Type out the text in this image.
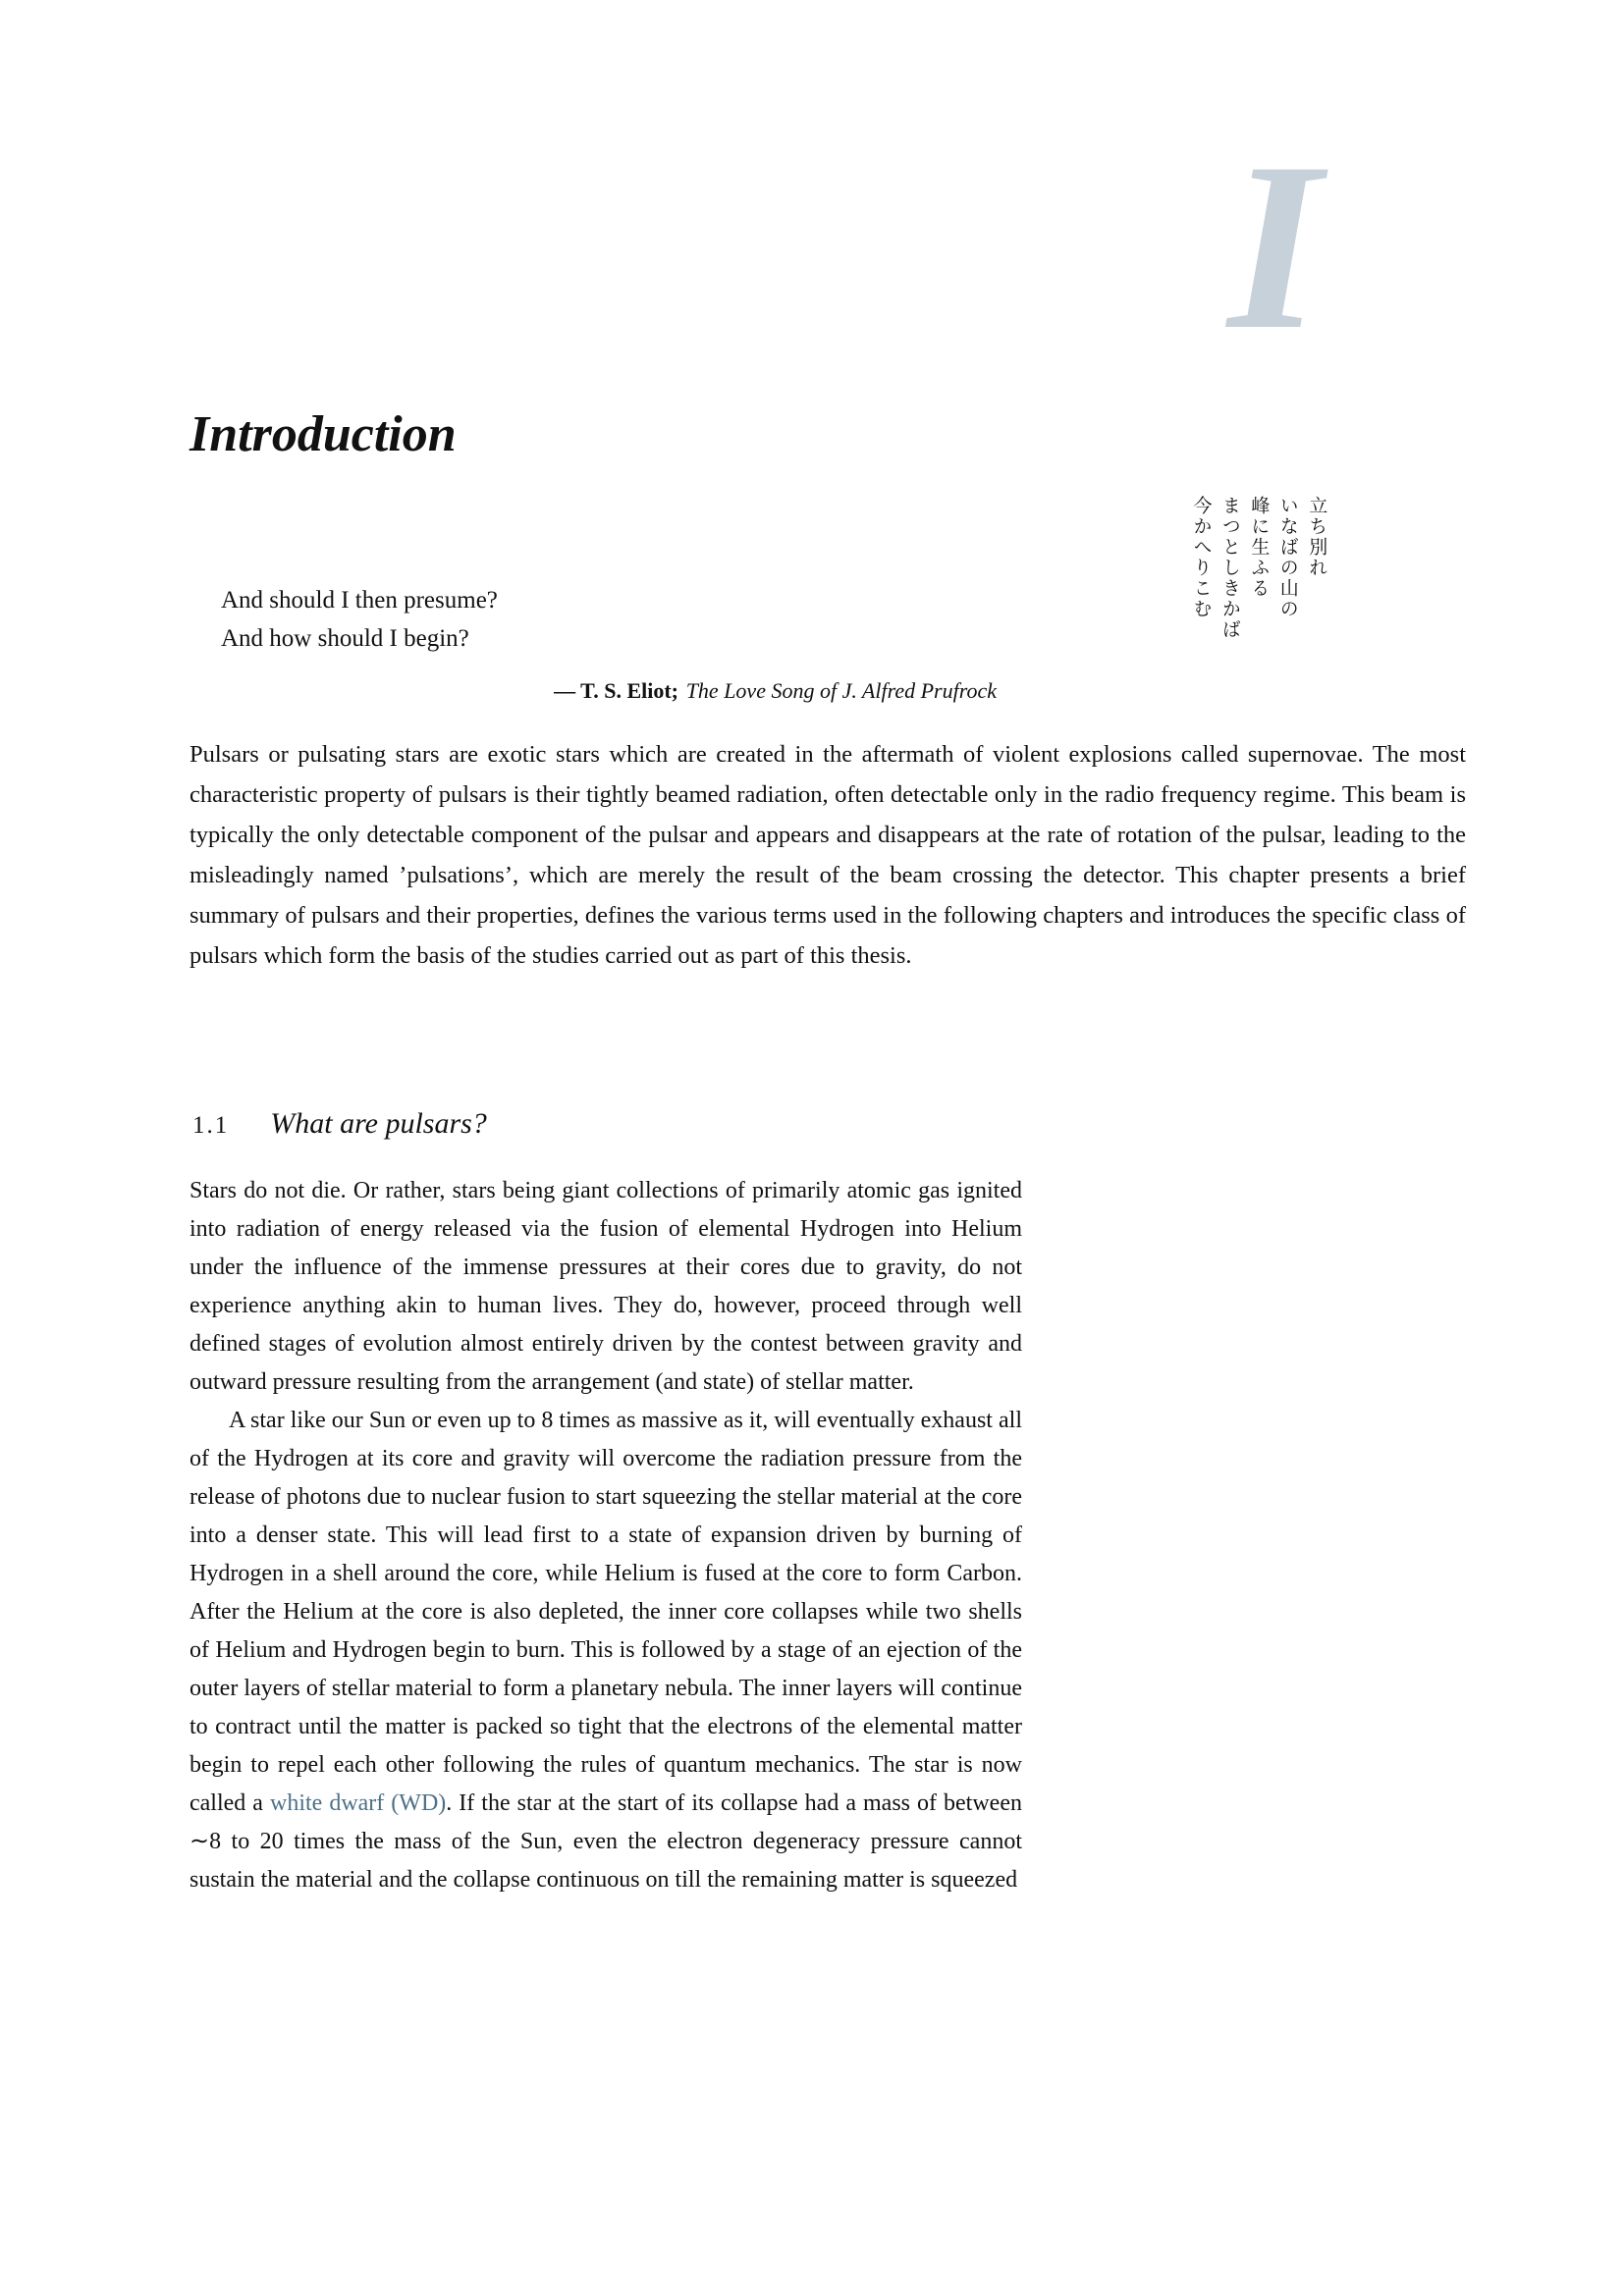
I
Introduction
立ち別れ
いなばの山の
峰に生ふる
まつとしきかば
今かへりこむ
And should I then presume?
And how should I begin?
— T. S. Eliot; The Love Song of J. Alfred Prufrock

Pulsars or pulsating stars are exotic stars which are created in the aftermath of violent explosions called supernovae. The most characteristic property of pulsars is their tightly beamed radiation, often detectable only in the radio frequency regime. This beam is typically the only detectable component of the pulsar and appears and disappears at the rate of rotation of the pulsar, leading to the misleadingly named ’pulsations’, which are merely the result of the beam crossing the detector. This chapter presents a brief summary of pulsars and their properties, defines the various terms used in the following chapters and introduces the specific class of pulsars which form the basis of the studies carried out as part of this thesis.

1.1 What are pulsars?

Stars do not die. Or rather, stars being giant collections of primarily atomic gas ignited into radiation of energy released via the fusion of elemental Hydrogen into Helium under the influence of the immense pressures at their cores due to gravity, do not experience anything akin to human lives. They do, however, proceed through well defined stages of evolution almost entirely driven by the contest between gravity and outward pressure resulting from the arrangement (and state) of stellar matter.

A star like our Sun or even up to 8 times as massive as it, will eventually exhaust all of the Hydrogen at its core and gravity will overcome the radiation pressure from the release of photons due to nuclear fusion to start squeezing the stellar material at the core into a denser state. This will lead first to a state of expansion driven by burning of Hydrogen in a shell around the core, while Helium is fused at the core to form Carbon. After the Helium at the core is also depleted, the inner core collapses while two shells of Helium and Hydrogen begin to burn. This is followed by a stage of an ejection of the outer layers of stellar material to form a planetary nebula. The inner layers will continue to contract until the matter is packed so tight that the electrons of the elemental matter begin to repel each other following the rules of quantum mechanics. The star is now called a white dwarf (WD). If the star at the start of its collapse had a mass of between ∼8 to 20 times the mass of the Sun, even the electron degeneracy pressure cannot sustain the material and the collapse continuous on till the remaining matter is squeezed
